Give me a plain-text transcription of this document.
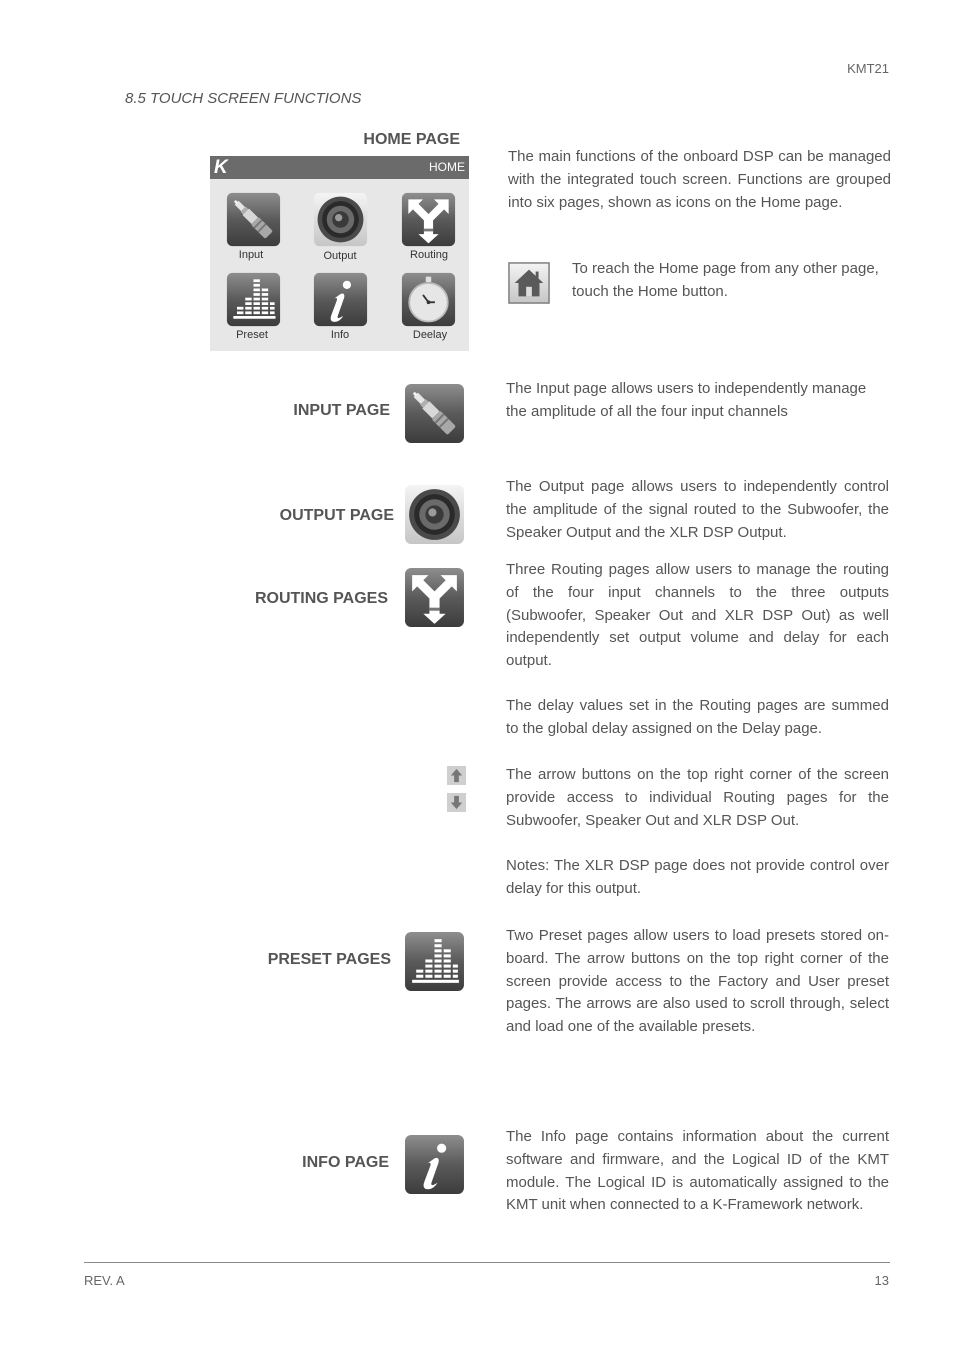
KMT21
8.5 TOUCH SCREEN FUNCTIONS
HOME PAGE
K	HOME
Input	Output	Routing
Preset	Info	Deelay
The main functions of the onboard DSP can be managed with the integrated touch screen. Functions are grouped into six pages, shown as icons on the Home page.
To reach the Home page from any other page, touch the Home button.
INPUT PAGE
The Input page allows users to independently manage the amplitude of all the four input channels
OUTPUT PAGE
The Output page allows users to independently control the amplitude of the signal routed to the Subwoofer, the Speaker Output and the XLR DSP Output.
ROUTING PAGES
Three Routing pages allow users to manage the routing of the four input channels to the three outputs (Subwoofer, Speaker Out and XLR DSP Out) as well independently set output volume and delay for each output.
The delay values set in the Routing pages are summed to the global delay assigned on the Delay page.
The arrow buttons on the top right corner of the screen provide access to individual Routing pages for the Subwoofer, Speaker Out and XLR DSP Out.
Notes: The XLR DSP page does not provide control over delay for this output.
PRESET PAGES
Two Preset pages allow users to load presets stored on-board. The arrow buttons on the top right corner of the screen provide access to the Factory and User preset pages. The arrows are also used to scroll through, select and load one of the available presets.
INFO PAGE
The Info page contains information about the current software and firmware, and the Logical ID of the KMT module. The Logical ID is automatically assigned to the KMT unit when connected to a K-Framework network.
REV. A	13
